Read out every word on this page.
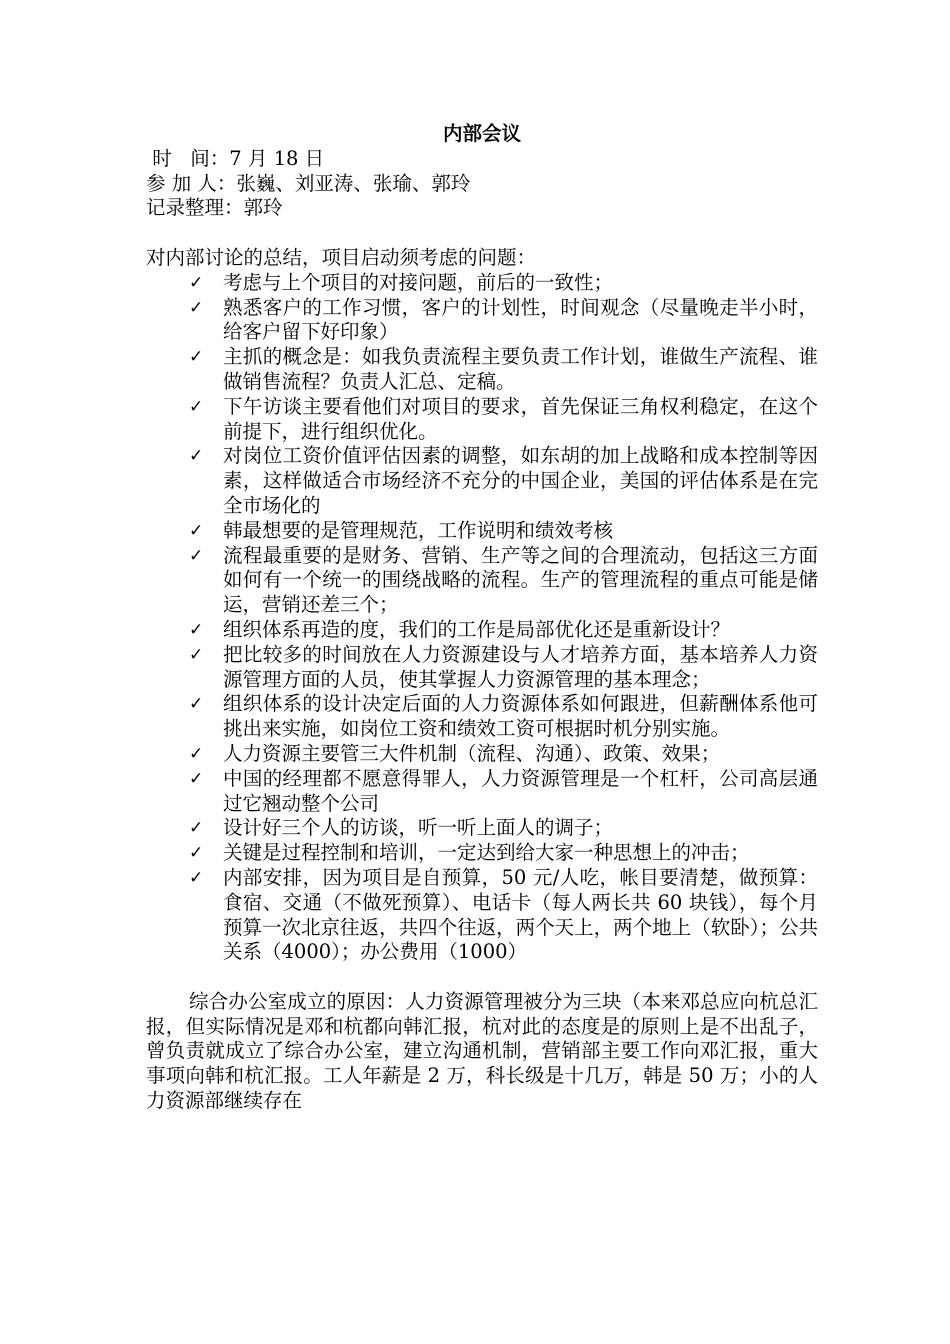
内部会议

时   间：7 月 18 日

参 加 人：张巍、刘亚涛、张瑜、郭玲

记录整理：郭玲

对内部讨论的总结，项目启动须考虑的问题：

✓ 考虑与上个项目的对接问题，前后的一致性；
✓ 熟悉客户的工作习惯，客户的计划性，时间观念（尽量晚走半小时，给客户留下好印象）
✓ 主抓的概念是：如我负责流程主要负责工作计划，谁做生产流程、谁做销售流程？负责人汇总、定稿。
✓ 下午访谈主要看他们对项目的要求，首先保证三角权利稳定，在这个前提下，进行组织优化。
✓ 对岗位工资价值评估因素的调整，如东胡的加上战略和成本控制等因素，这样做适合市场经济不充分的中国企业，美国的评估体系是在完全市场化的
✓ 韩最想要的是管理规范，工作说明和绩效考核
✓ 流程最重要的是财务、营销、生产等之间的合理流动，包括这三方面如何有一个统一的围绕战略的流程。生产的管理流程的重点可能是储运，营销还差三个；
✓ 组织体系再造的度，我们的工作是局部优化还是重新设计？
✓ 把比较多的时间放在人力资源建设与人才培养方面，基本培养人力资源管理方面的人员，使其掌握人力资源管理的基本理念；
✓ 组织体系的设计决定后面的人力资源体系如何跟进，但薪酬体系他可挑出来实施，如岗位工资和绩效工资可根据时机分别实施。
✓ 人力资源主要管三大件机制（流程、沟通）、政策、效果；
✓ 中国的经理都不愿意得罪人，人力资源管理是一个杠杆，公司高层通过它翘动整个公司
✓ 设计好三个人的访谈，听一听上面人的调子；
✓ 关键是过程控制和培训，一定达到给大家一种思想上的冲击；
✓ 内部安排，因为项目是自预算，50 元/人吃，帐目要清楚，做预算：食宿、交通（不做死预算）、电话卡（每人两长共 60 块钱），每个月预算一次北京往返，共四个往返，两个天上，两个地上（软卧）；公共关系（4000）；办公费用（1000）

综合办公室成立的原因：人力资源管理被分为三块（本来邓总应向杭总汇报，但实际情况是邓和杭都向韩汇报，杭对此的态度是的原则上是不出乱子，曾负责就成立了综合办公室，建立沟通机制，营销部主要工作向邓汇报，重大事项向韩和杭汇报。工人年薪是 2 万，科长级是十几万，韩是 50 万；小的人力资源部继续存在
